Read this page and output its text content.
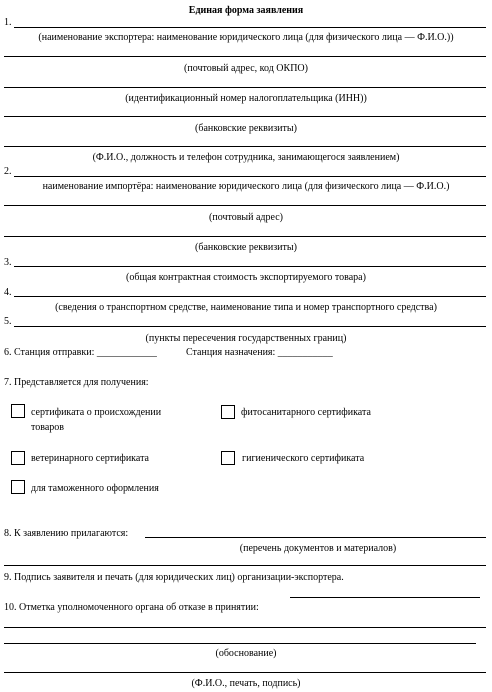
Единая форма заявления
1.
(наименование экспортера: наименование юридического лица (для физического лица — Ф.И.О.))
(почтовый адрес, код ОКПО)
(идентификационный номер налогоплательщика (ИНН))
(банковские реквизиты)
(Ф.И.О., должность и телефон сотрудника, занимающегося заявлением)
2.
наименование импортёра: наименование юридического лица (для физического лица — Ф.И.О.)
(почтовый адрес)
(банковские реквизиты)
3.
(общая контрактная стоимость экспортируемого товара)
4.
(сведения о транспортном средстве, наименование типа и номер транспортного средства)
5.
(пункты пересечения государственных границ)
6. Станция отправки: ____________	Станция назначения: ___________
7. Представляется для получения:
сертификата о происхождении
товаров
фитосанитарного сертификата
ветеринарного сертификата	гигиенического сертификата
для таможенного оформления
8. К заявлению прилагаются:
(перечень документов и материалов)
9. Подпись заявителя и печать (для юридических лиц) организации-экспортера.
10. Отметка уполномоченного органа об отказе в принятии:
(обоснование)
(Ф.И.О., печать, подпись)
